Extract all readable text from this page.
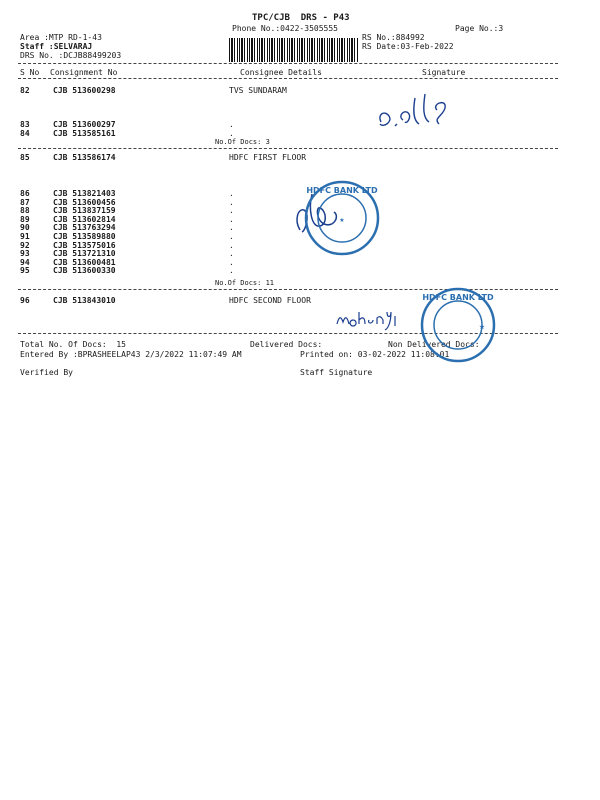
TPC/CJB  DRS - P43
Phone No.:0422-3505555	Page No.:3
Area :MTP RD-1-43
Staff :SELVARAJ
DRS No. :DCJB88499203
RS No.:884992
RS Date:03-Feb-2022
S No Consignment No	Consignee Details	Signature
82	CJB 513600298	TVS SUNDARAM
83	CJB 513600297	.
84	CJB 513585161	.
No.Of Docs: 3
85	CJB 513586174	HDFC FIRST FLOOR
86	CJB 513821403	.
87	CJB 513600456	.
88	CJB 513837159	.
89	CJB 513602814	.
90	CJB 513763294	.
91	CJB 513589880	.
92	CJB 513575016	.
93	CJB 513721310	.
94	CJB 513600481	.
95	CJB 513600330	.
No.Of Docs: 11
96	CJB 513843010	HDFC SECOND FLOOR
Total No. Of Docs:  15	Delivered Docs:	Non Delivered Docs:
Entered By :BPRASHEELAP43 2/3/2022 11:07:49 AM	Printed on: 03-02-2022 11:08:01
Verified By	Staff Signature
HDFC BANK LTD
★
HDFC BANK LTD
★
